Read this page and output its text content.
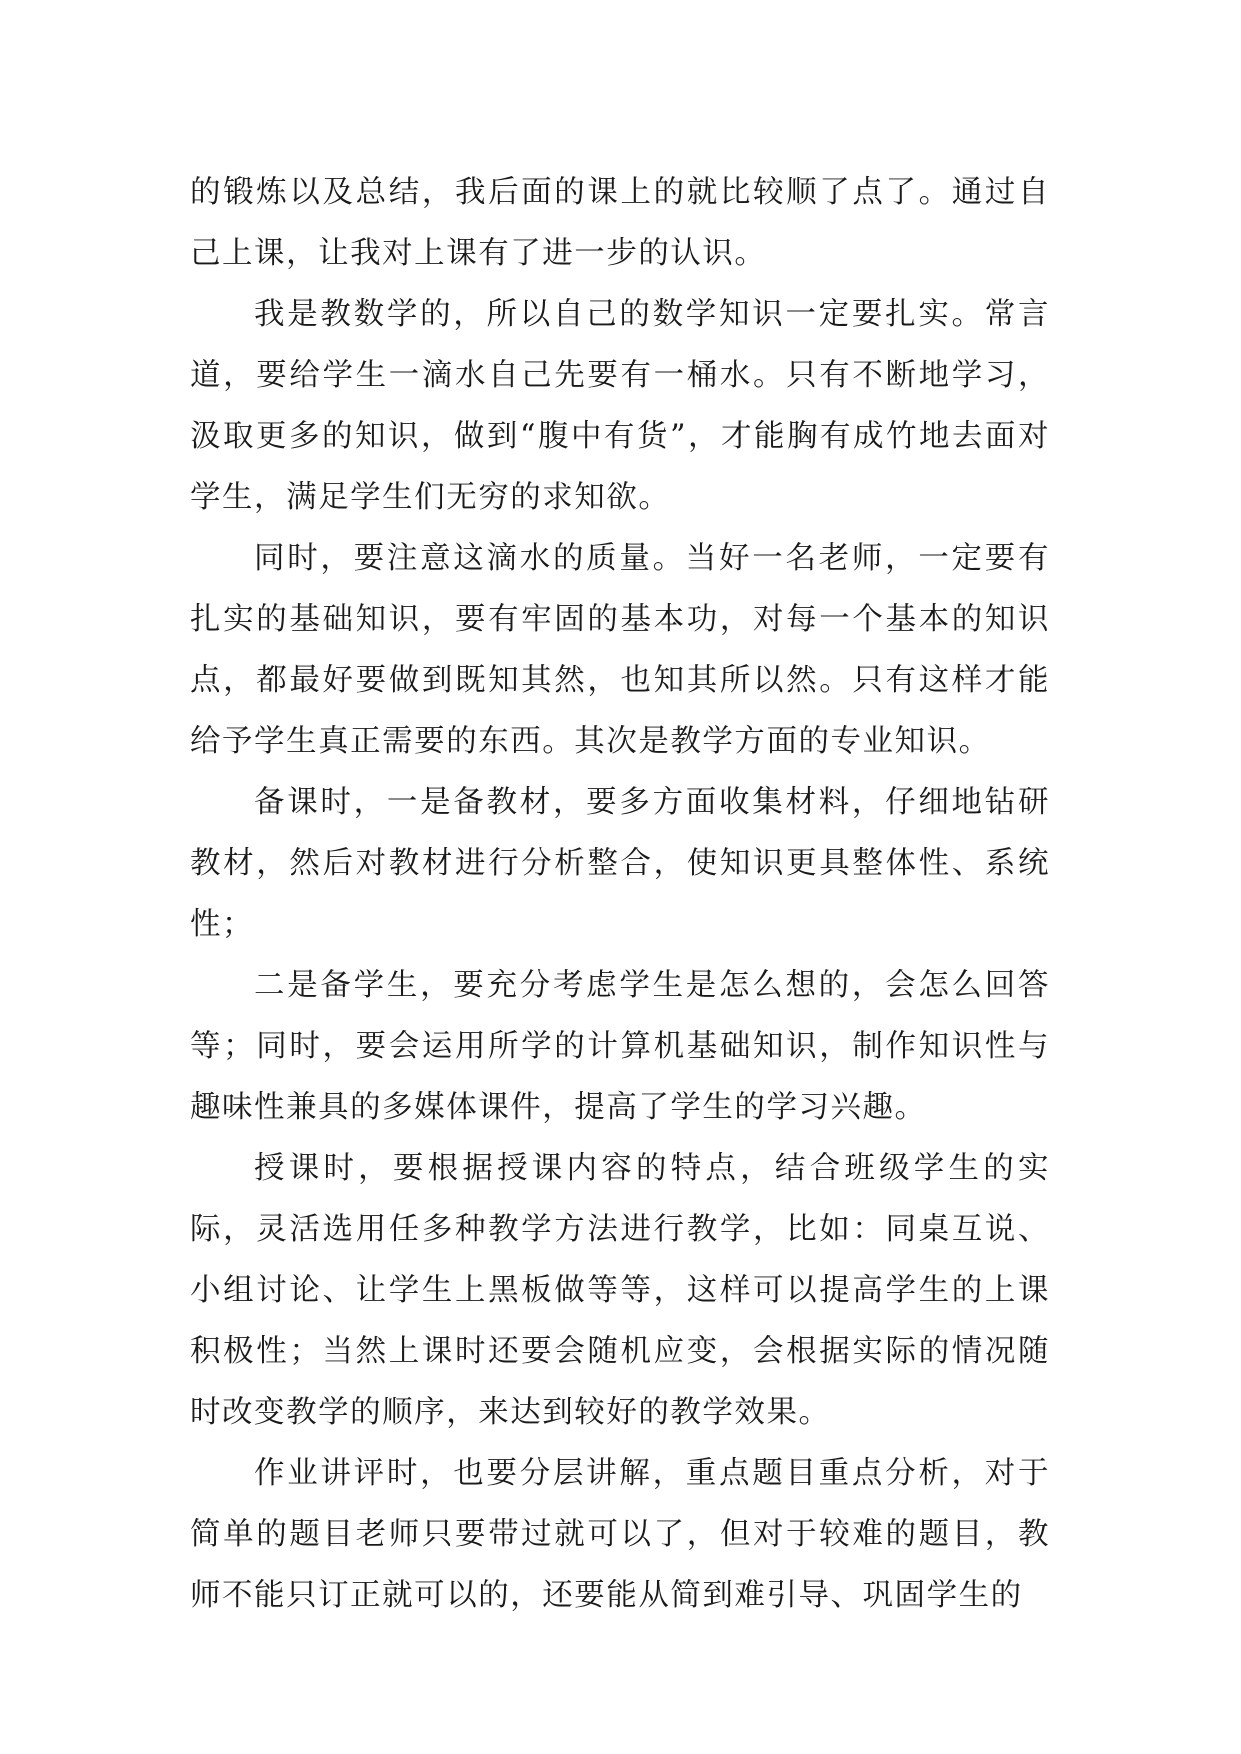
的锻炼以及总结，我后面的课上的就比较顺了点了。通过自己上课，让我对上课有了进一步的认识。

我是教数学的，所以自己的数学知识一定要扎实。常言道，要给学生一滴水自己先要有一桶水。只有不断地学习，汲取更多的知识，做到“腹中有货”，才能胸有成竹地去面对学生，满足学生们无穷的求知欲。

同时，要注意这滴水的质量。当好一名老师，一定要有扎实的基础知识，要有牢固的基本功，对每一个基本的知识点，都最好要做到既知其然，也知其所以然。只有这样才能给予学生真正需要的东西。其次是教学方面的专业知识。

备课时，一是备教材，要多方面收集材料，仔细地钻研教材，然后对教材进行分析整合，使知识更具整体性、系统性；

二是备学生，要充分考虑学生是怎么想的，会怎么回答等；同时，要会运用所学的计算机基础知识，制作知识性与趣味性兼具的多媒体课件，提高了学生的学习兴趣。

授课时，要根据授课内容的特点，结合班级学生的实际，灵活选用任多种教学方法进行教学，比如：同桌互说、小组讨论、让学生上黑板做等等，这样可以提高学生的上课积极性；当然上课时还要会随机应变，会根据实际的情况随时改变教学的顺序，来达到较好的教学效果。

作业讲评时，也要分层讲解，重点题目重点分析，对于简单的题目老师只要带过就可以了，但对于较难的题目，教师不能只订正就可以的，还要能从简到难引导、巩固学生的
